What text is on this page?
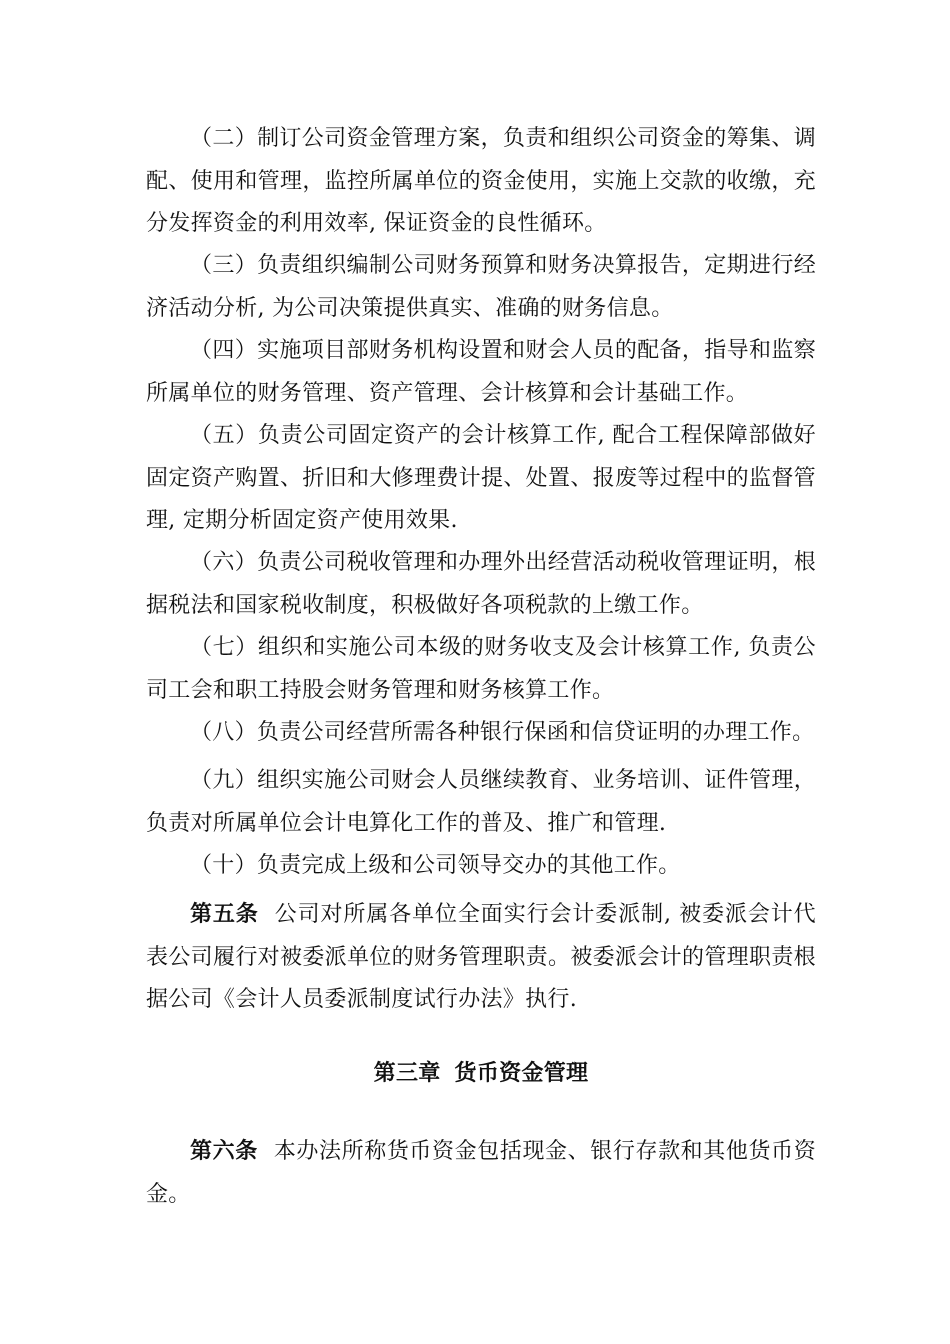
（二）制订公司资金管理方案，负责和组织公司资金的筹集、调配、使用和管理，监控所属单位的资金使用，实施上交款的收缴，充分发挥资金的利用效率, 保证资金的良性循环。

（三）负责组织编制公司财务预算和财务决算报告，定期进行经济活动分析, 为公司决策提供真实、准确的财务信息。

（四）实施项目部财务机构设置和财会人员的配备，指导和监察所属单位的财务管理、资产管理、会计核算和会计基础工作。

（五）负责公司固定资产的会计核算工作, 配合工程保障部做好固定资产购置、折旧和大修理费计提、处置、报废等过程中的监督管理, 定期分析固定资产使用效果.

（六）负责公司税收管理和办理外出经营活动税收管理证明，根据税法和国家税收制度，积极做好各项税款的上缴工作。

（七）组织和实施公司本级的财务收支及会计核算工作, 负责公司工会和职工持股会财务管理和财务核算工作。

（八）负责公司经营所需各种银行保函和信贷证明的办理工作。

（九）组织实施公司财会人员继续教育、业务培训、证件管理，负责对所属单位会计电算化工作的普及、推广和管理.

（十）负责完成上级和公司领导交办的其他工作。

第五条 公司对所属各单位全面实行会计委派制, 被委派会计代表公司履行对被委派单位的财务管理职责。被委派会计的管理职责根据公司《会计人员委派制度试行办法》执行.

第三章 货币资金管理

第六条 本办法所称货币资金包括现金、银行存款和其他货币资金。
